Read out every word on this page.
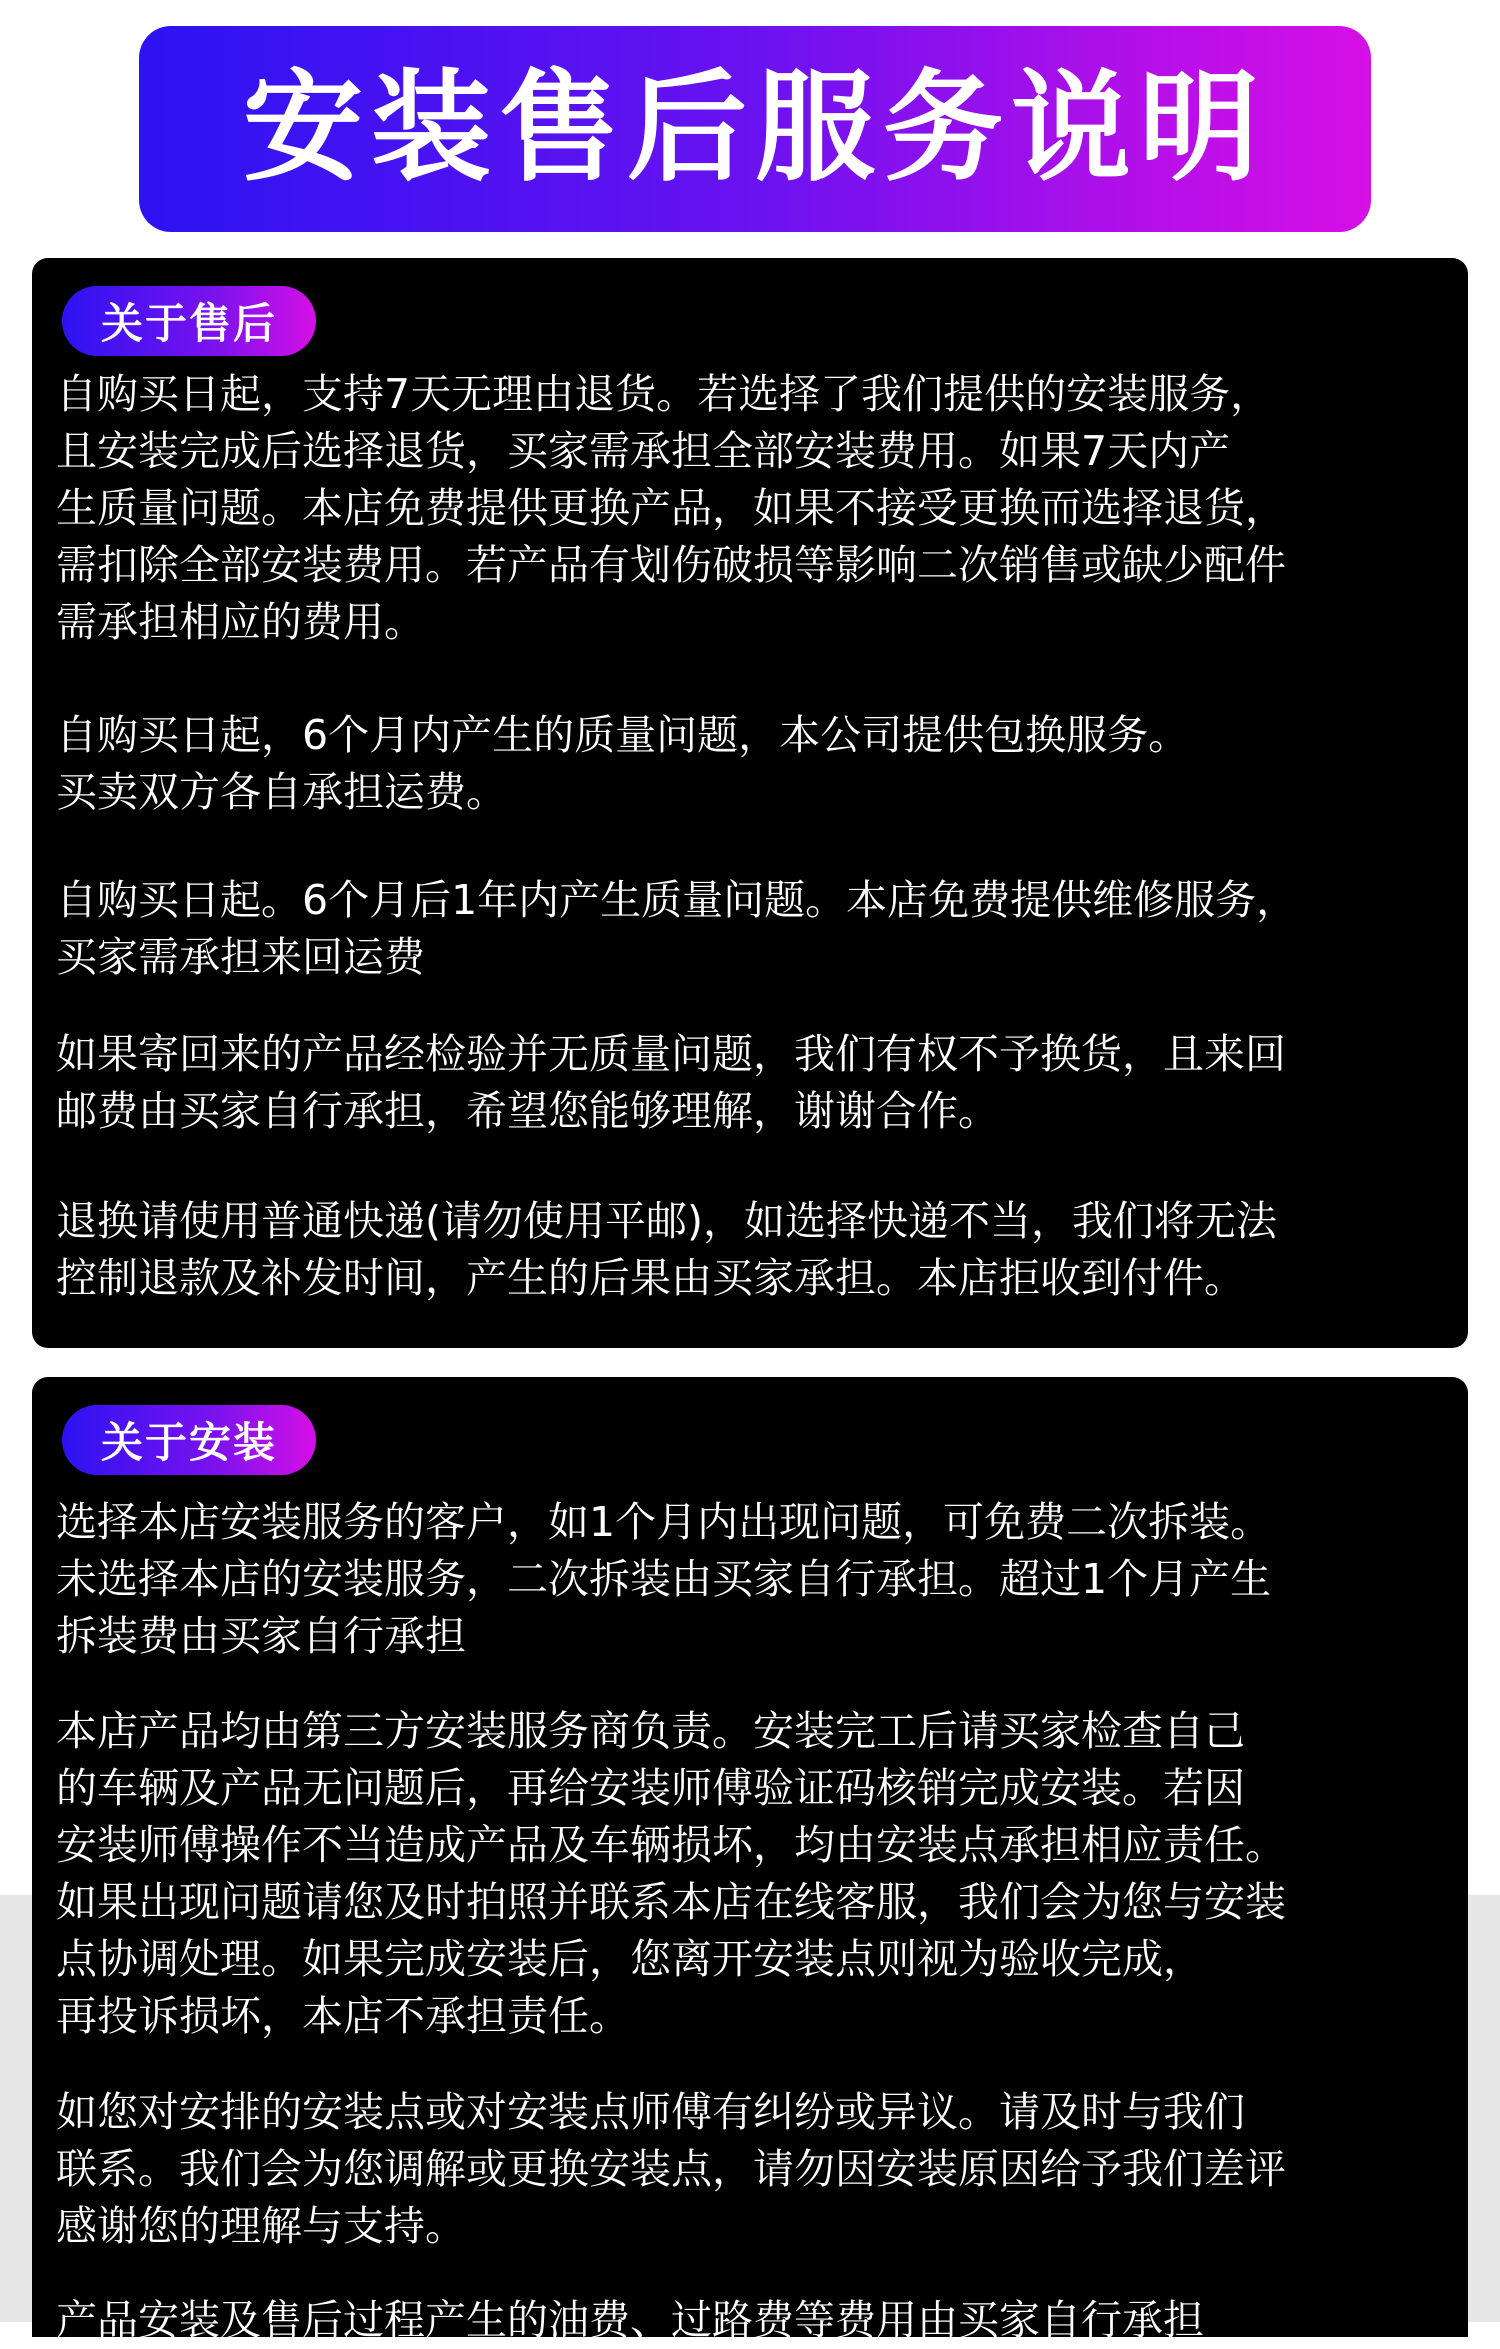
安装售后服务说明
关于售后

自购买日起，支持7天无理由退货。若选择了我们提供的安装服务，
且安装完成后选择退货，买家需承担全部安装费用。如果7天内产
生质量问题。本店免费提供更换产品，如果不接受更换而选择退货，
需扣除全部安装费用。若产品有划伤破损等影响二次销售或缺少配件
需承担相应的费用。

自购买日起，6个月内产生的质量问题，本公司提供包换服务。
买卖双方各自承担运费。

自购买日起。6个月后1年内产生质量问题。本店免费提供维修服务，
买家需承担来回运费

如果寄回来的产品经检验并无质量问题，我们有权不予换货，且来回
邮费由买家自行承担，希望您能够理解，谢谢合作。

退换请使用普通快递(请勿使用平邮)，如选择快递不当，我们将无法
控制退款及补发时间，产生的后果由买家承担。本店拒收到付件。

关于安装

选择本店安装服务的客户，如1个月内出现问题，可免费二次拆装。
未选择本店的安装服务，二次拆装由买家自行承担。超过1个月产生
拆装费由买家自行承担

本店产品均由第三方安装服务商负责。安装完工后请买家检查自己
的车辆及产品无问题后，再给安装师傅验证码核销完成安装。若因
安装师傅操作不当造成产品及车辆损坏，均由安装点承担相应责任。
如果出现问题请您及时拍照并联系本店在线客服，我们会为您与安装
点协调处理。如果完成安装后，您离开安装点则视为验收完成，
再投诉损坏，本店不承担责任。

如您对安排的安装点或对安装点师傅有纠纷或异议。请及时与我们
联系。我们会为您调解或更换安装点，请勿因安装原因给予我们差评
感谢您的理解与支持。

产品安装及售后过程产生的油费、过路费等费用由买家自行承担
